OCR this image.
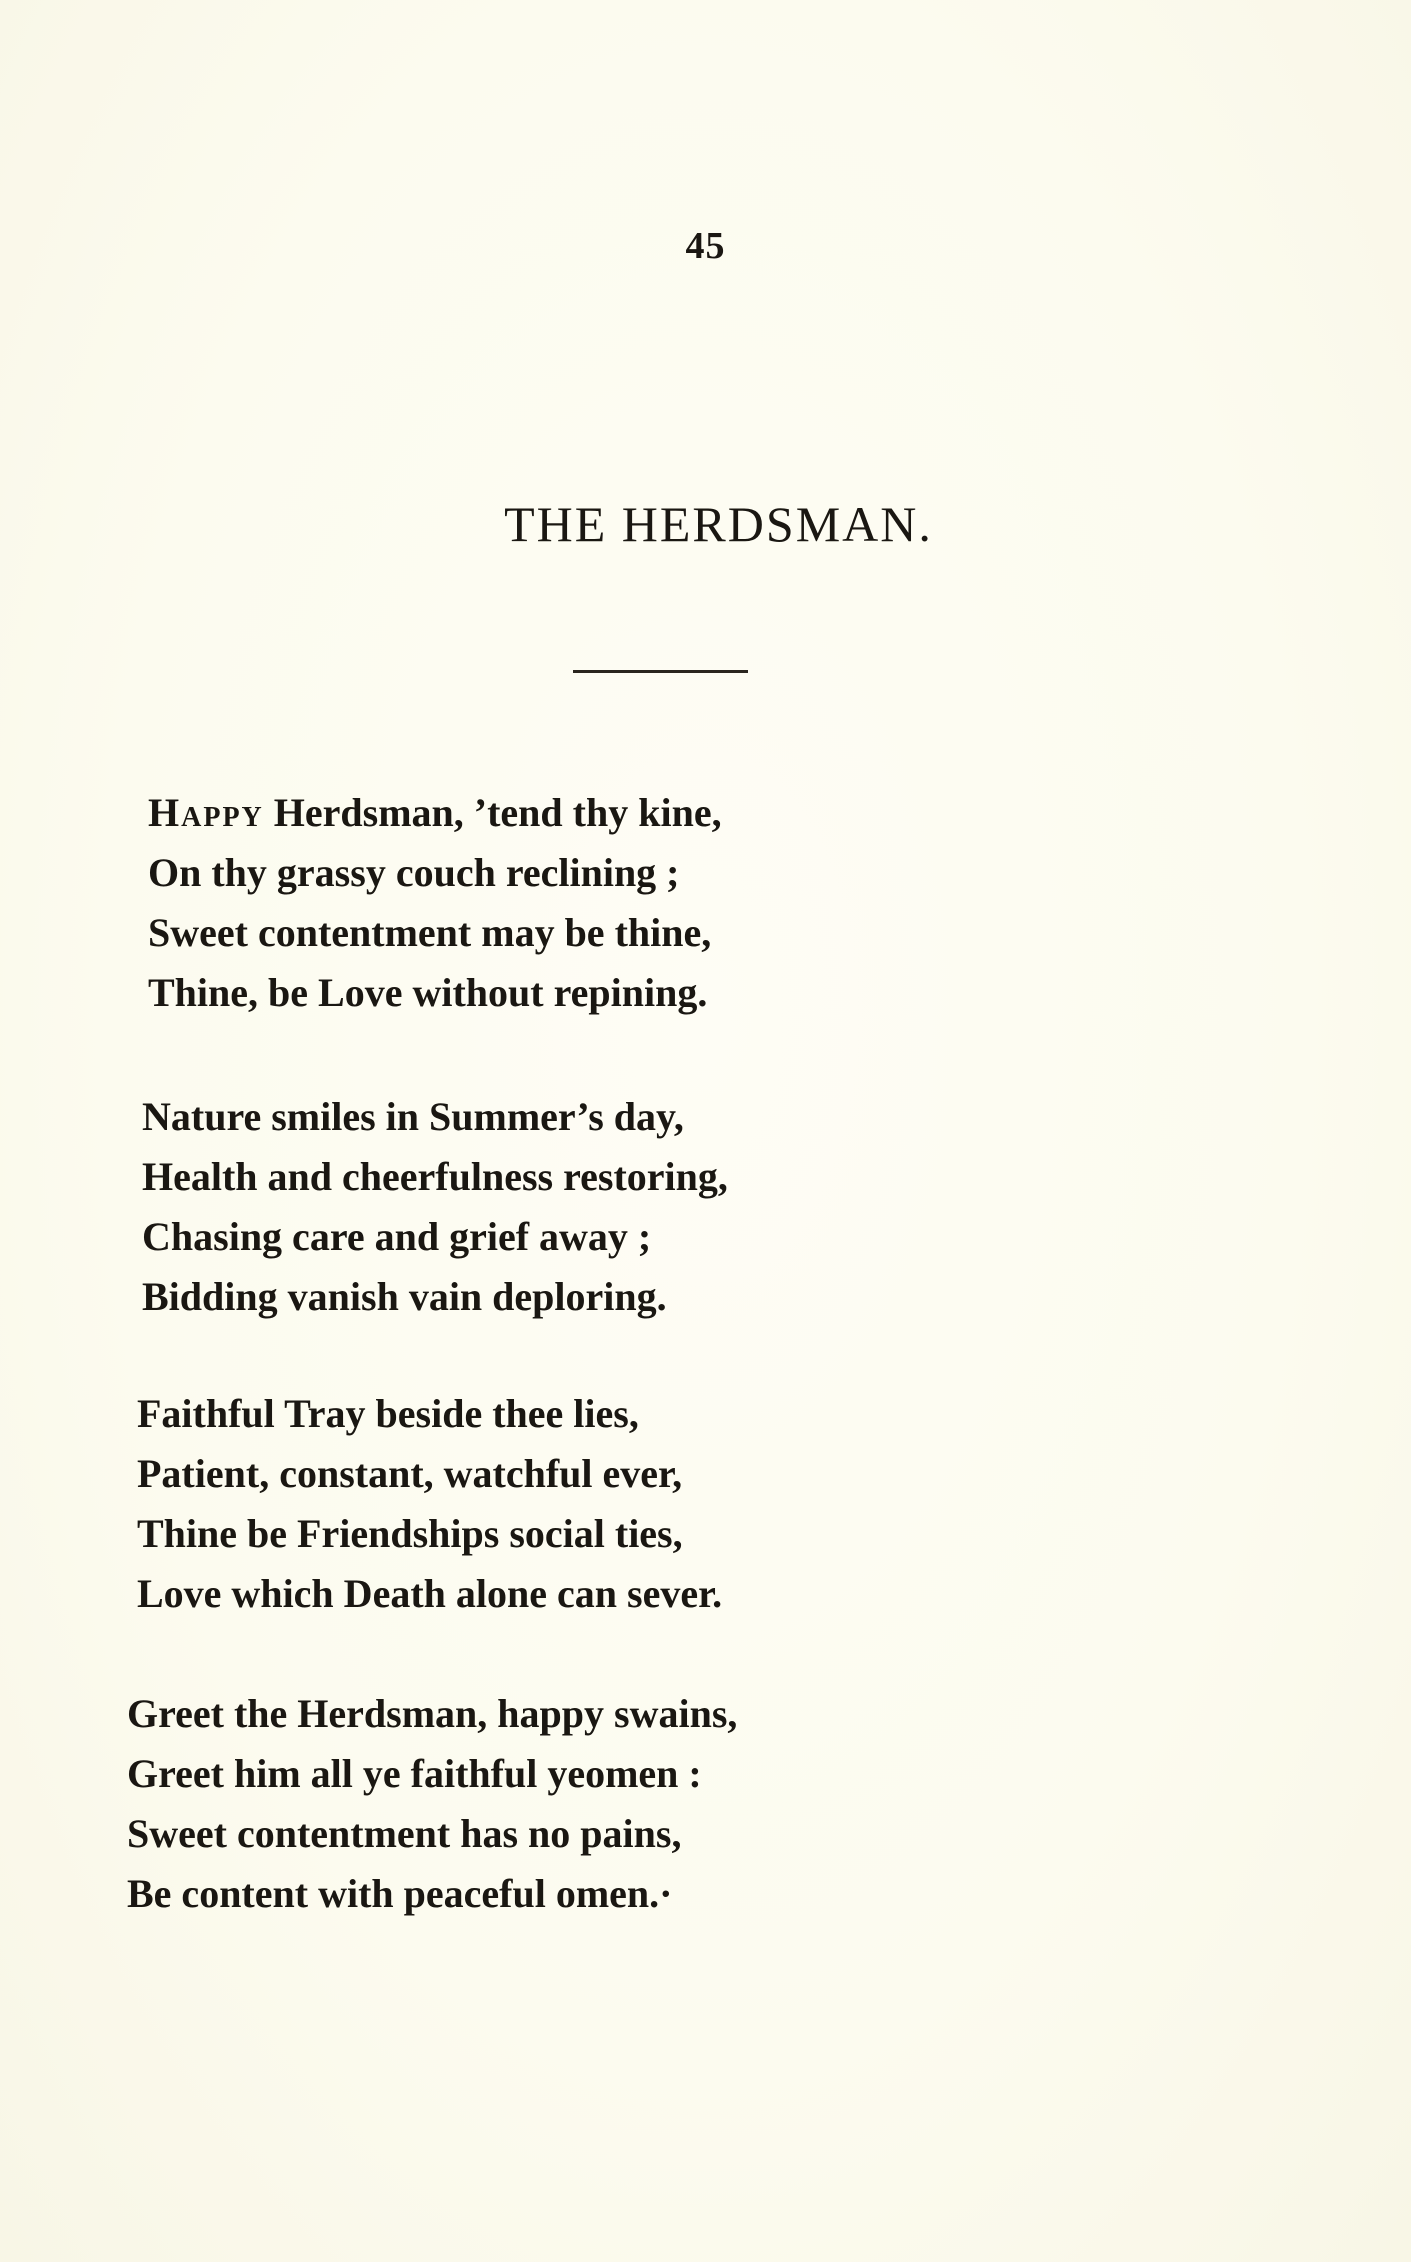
45
THE HERDSMAN.
Happy Herdsman, ’tend thy kine,
On thy grassy couch reclining ;
Sweet contentment may be thine,
Thine, be Love without repining.
Nature smiles in Summer’s day,
Health and cheerfulness restoring,
Chasing care and grief away ;
Bidding vanish vain deploring.
Faithful Tray beside thee lies,
Patient, constant, watchful ever,
Thine be Friendships social ties,
Love which Death alone can sever.
Greet the Herdsman, happy swains,
Greet him all ye faithful yeomen :
Sweet contentment has no pains,
Be content with peaceful omen.·
